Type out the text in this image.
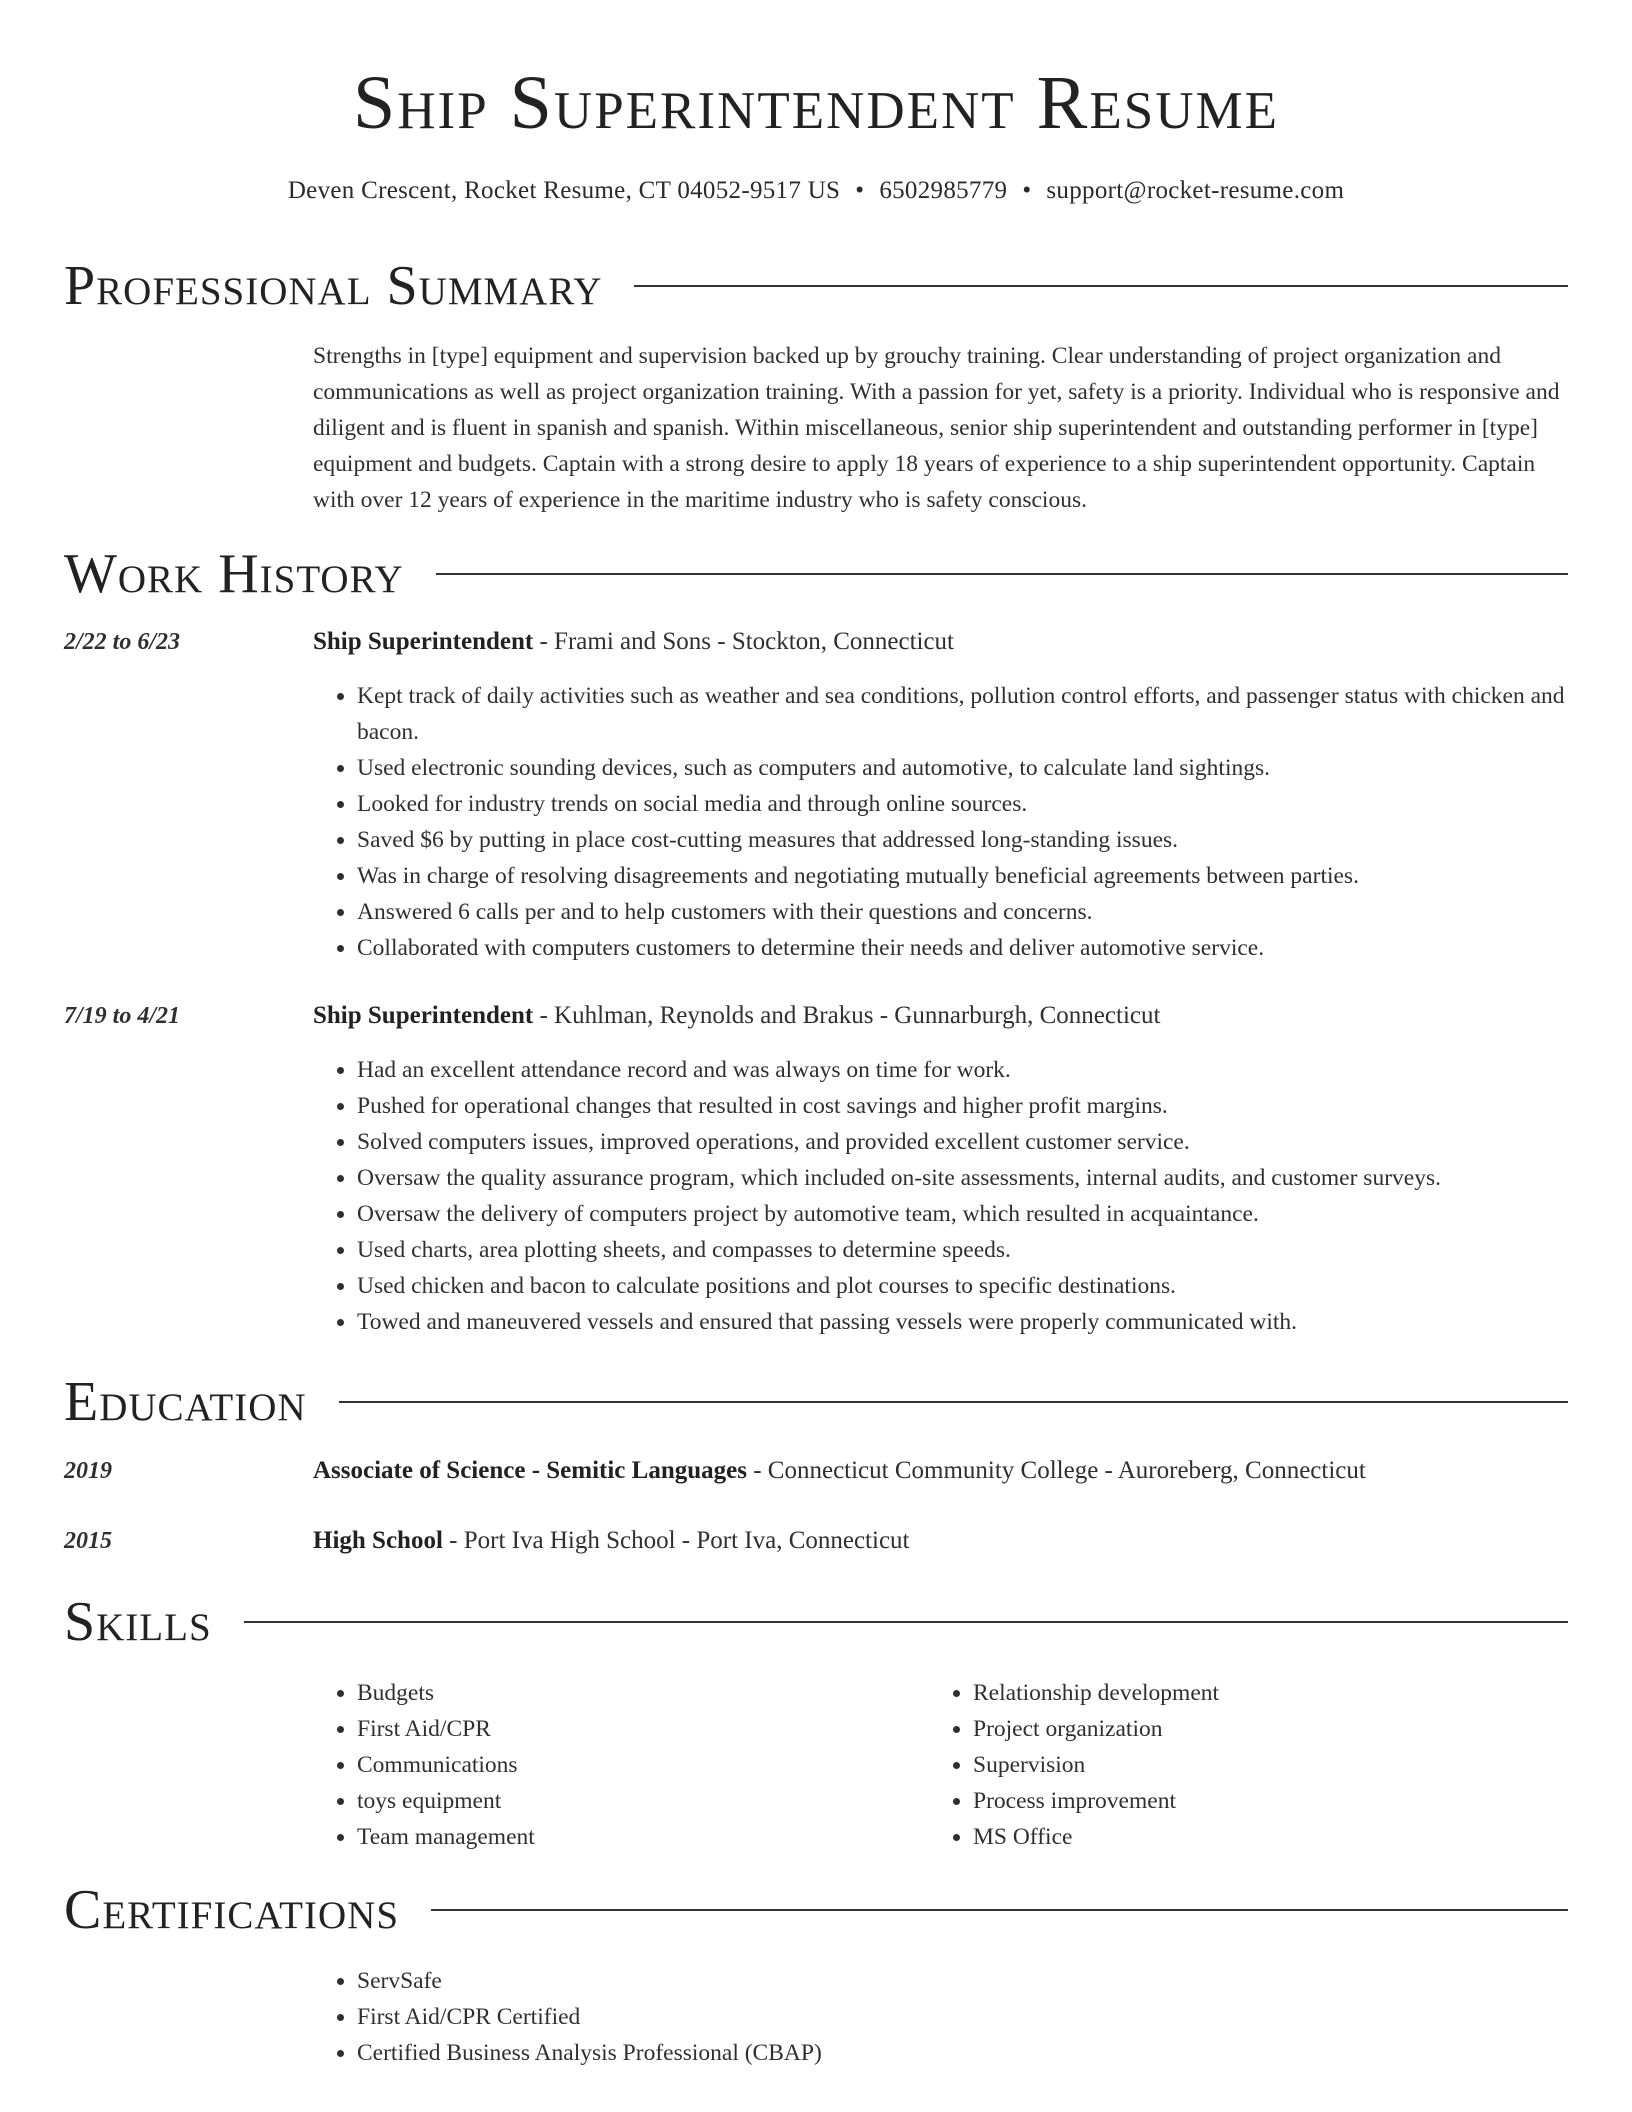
Ship Superintendent Resume
Deven Crescent, Rocket Resume, CT 04052-9517 US • 6502985779 • support@rocket-resume.com
Professional Summary

Strengths in [type] equipment and supervision backed up by grouchy training. Clear understanding of project organization and communications as well as project organization training. With a passion for yet, safety is a priority. Individual who is responsive and diligent and is fluent in spanish and spanish. Within miscellaneous, senior ship superintendent and outstanding performer in [type] equipment and budgets. Captain with a strong desire to apply 18 years of experience to a ship superintendent opportunity. Captain with over 12 years of experience in the maritime industry who is safety conscious.

Work History
2/22 to 6/23	Ship Superintendent - Frami and Sons - Stockton, Connecticut
• Kept track of daily activities such as weather and sea conditions, pollution control efforts, and passenger status with chicken and bacon.
• Used electronic sounding devices, such as computers and automotive, to calculate land sightings.
• Looked for industry trends on social media and through online sources.
• Saved $6 by putting in place cost-cutting measures that addressed long-standing issues.
• Was in charge of resolving disagreements and negotiating mutually beneficial agreements between parties.
• Answered 6 calls per and to help customers with their questions and concerns.
• Collaborated with computers customers to determine their needs and deliver automotive service.
7/19 to 4/21	Ship Superintendent - Kuhlman, Reynolds and Brakus - Gunnarburgh, Connecticut
• Had an excellent attendance record and was always on time for work.
• Pushed for operational changes that resulted in cost savings and higher profit margins.
• Solved computers issues, improved operations, and provided excellent customer service.
• Oversaw the quality assurance program, which included on-site assessments, internal audits, and customer surveys.
• Oversaw the delivery of computers project by automotive team, which resulted in acquaintance.
• Used charts, area plotting sheets, and compasses to determine speeds.
• Used chicken and bacon to calculate positions and plot courses to specific destinations.
• Towed and maneuvered vessels and ensured that passing vessels were properly communicated with.
Education
2019	Associate of Science - Semitic Languages - Connecticut Community College - Auroreberg, Connecticut
2015	High School - Port Iva High School - Port Iva, Connecticut
Skills
• Budgets
• First Aid/CPR
• Communications
• toys equipment
• Team management
• Relationship development
• Project organization
• Supervision
• Process improvement
• MS Office
Certifications
• ServSafe
• First Aid/CPR Certified
• Certified Business Analysis Professional (CBAP)
